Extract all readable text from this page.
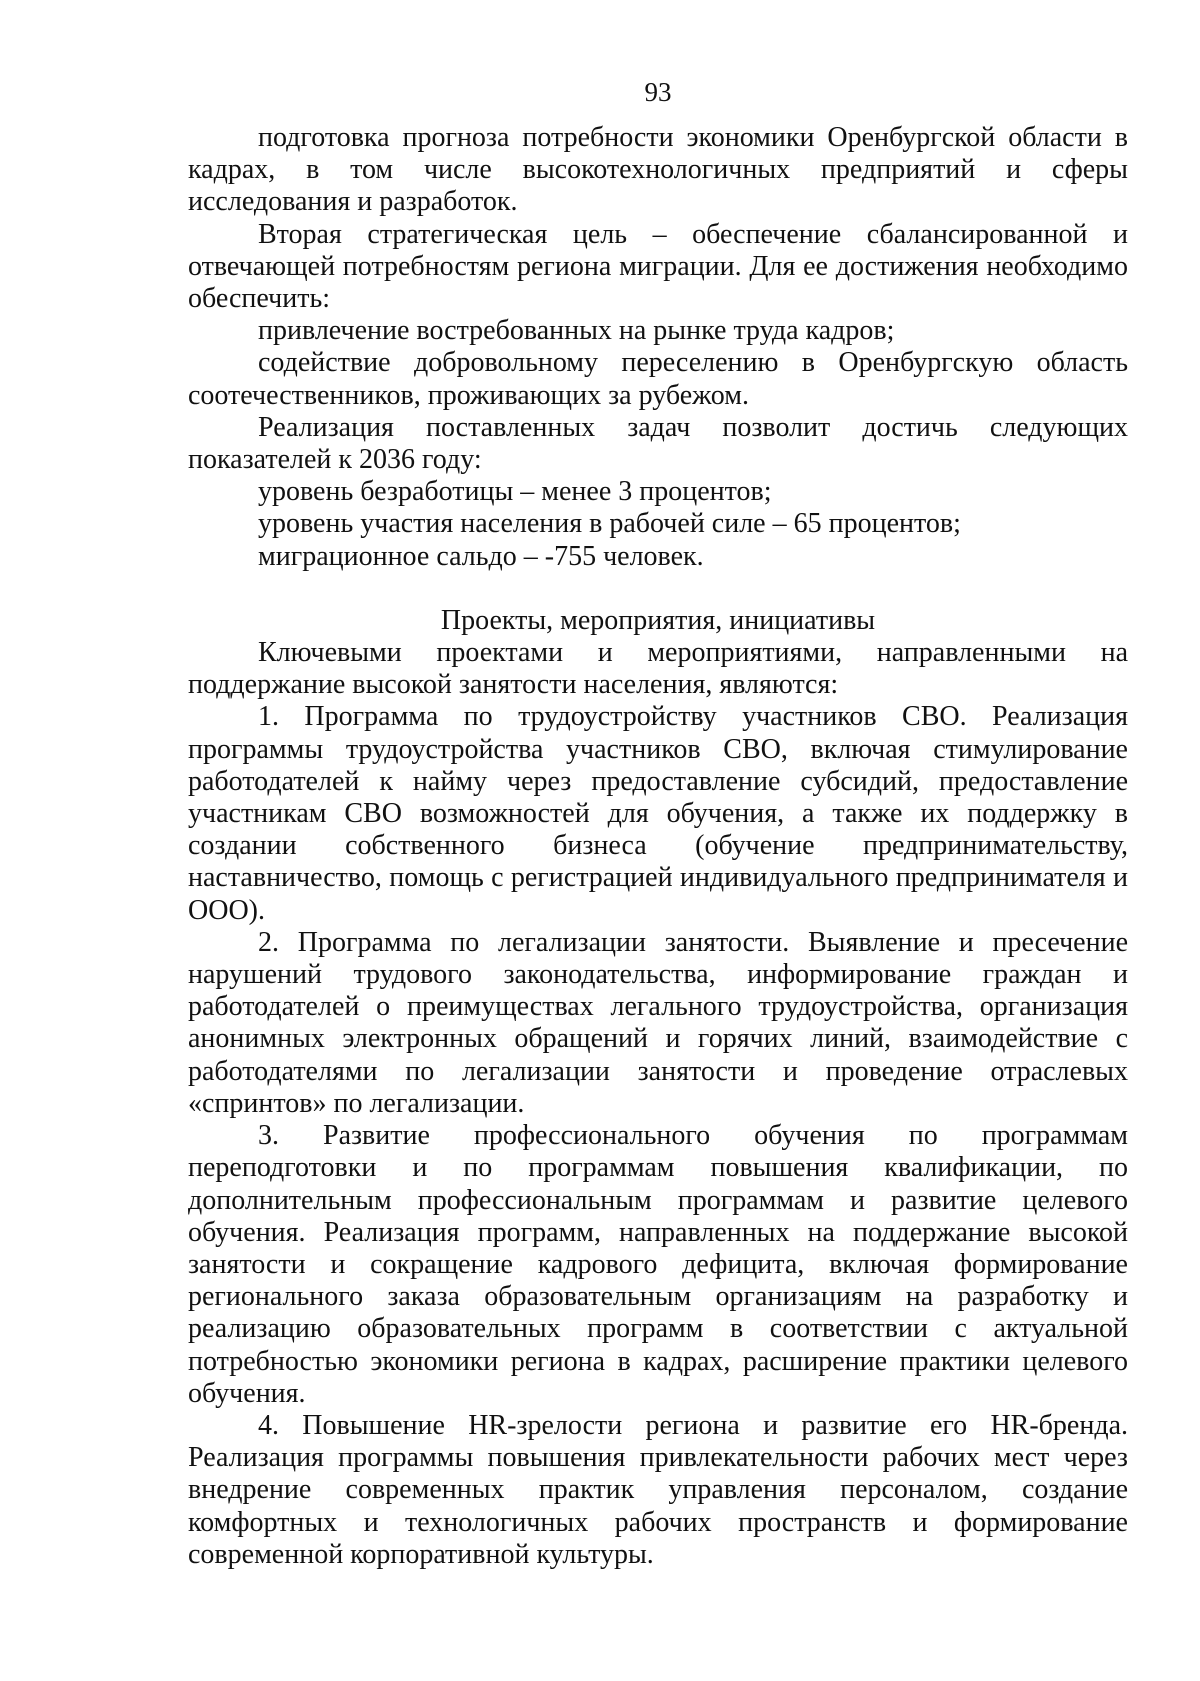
93

подготовка прогноза потребности экономики Оренбургской области в кадрах, в том числе высокотехнологичных предприятий и сферы исследования и разработок.

Вторая стратегическая цель – обеспечение сбалансированной и отвечающей потребностям региона миграции. Для ее достижения необходимо обеспечить:

привлечение востребованных на рынке труда кадров;

содействие добровольному переселению в Оренбургскую область соотечественников, проживающих за рубежом.

Реализация поставленных задач позволит достичь следующих показателей к 2036 году:

уровень безработицы – менее 3 процентов;

уровень участия населения в рабочей силе – 65 процентов;

миграционное сальдо – -755 человек.

Проекты, мероприятия, инициативы

Ключевыми проектами и мероприятиями, направленными на поддержание высокой занятости населения, являются:

1. Программа по трудоустройству участников СВО. Реализация программы трудоустройства участников СВО, включая стимулирование работодателей к найму через предоставление субсидий, предоставление участникам СВО возможностей для обучения, а также их поддержку в создании собственного бизнеса (обучение предпринимательству, наставничество, помощь с регистрацией индивидуального предпринимателя и ООО).

2. Программа по легализации занятости. Выявление и пресечение нарушений трудового законодательства, информирование граждан и работодателей о преимуществах легального трудоустройства, организация анонимных электронных обращений и горячих линий, взаимодействие с работодателями по легализации занятости и проведение отраслевых «спринтов» по легализации.

3. Развитие профессионального обучения по программам переподготовки и по программам повышения квалификации, по дополнительным профессиональным программам и развитие целевого обучения. Реализация программ, направленных на поддержание высокой занятости и сокращение кадрового дефицита, включая формирование регионального заказа образовательным организациям на разработку и реализацию образовательных программ в соответствии с актуальной потребностью экономики региона в кадрах, расширение практики целевого обучения.

4. Повышение HR-зрелости региона и развитие его HR-бренда. Реализация программы повышения привлекательности рабочих мест через внедрение современных практик управления персоналом, создание комфортных и технологичных рабочих пространств и формирование современной корпоративной культуры.
